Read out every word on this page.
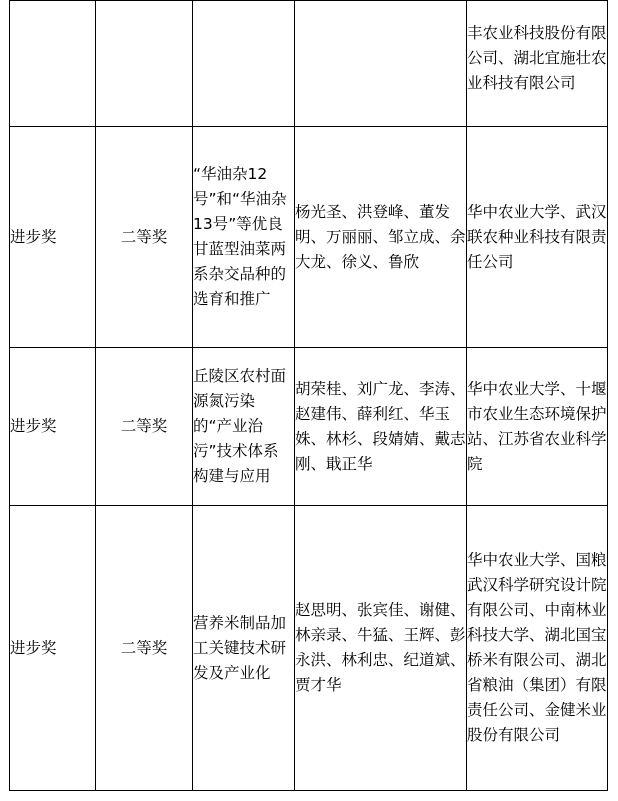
				丰农业科技股份有限公司、湖北宜施壮农业科技有限公司

进步奖	二等奖	“华油杂12号”和“华油杂13号”等优良甘蓝型油菜两系杂交品种的选育和推广	杨光圣、洪登峰、董发明、万丽丽、邹立成、余大龙、徐义、鲁欣	华中农业大学、武汉联农种业科技有限责任公司
进步奖	二等奖	丘陵区农村面源氮污染的“产业治污”技术体系构建与应用	胡荣桂、刘广龙、李涛、赵建伟、薛利红、华玉姝、林杉、段婧婧、戴志刚、戢正华	华中农业大学、十堰市农业生态环境保护站、江苏省农业科学院
进步奖	二等奖	营养米制品加工关键技术研发及产业化	赵思明、张宾佳、谢健、林亲录、牛猛、王辉、彭永洪、林利忠、纪道斌、贾才华	华中农业大学、国粮武汉科学研究设计院有限公司、中南林业科技大学、湖北国宝桥米有限公司、湖北省粮油（集团）有限责任公司、金健米业股份有限公司
